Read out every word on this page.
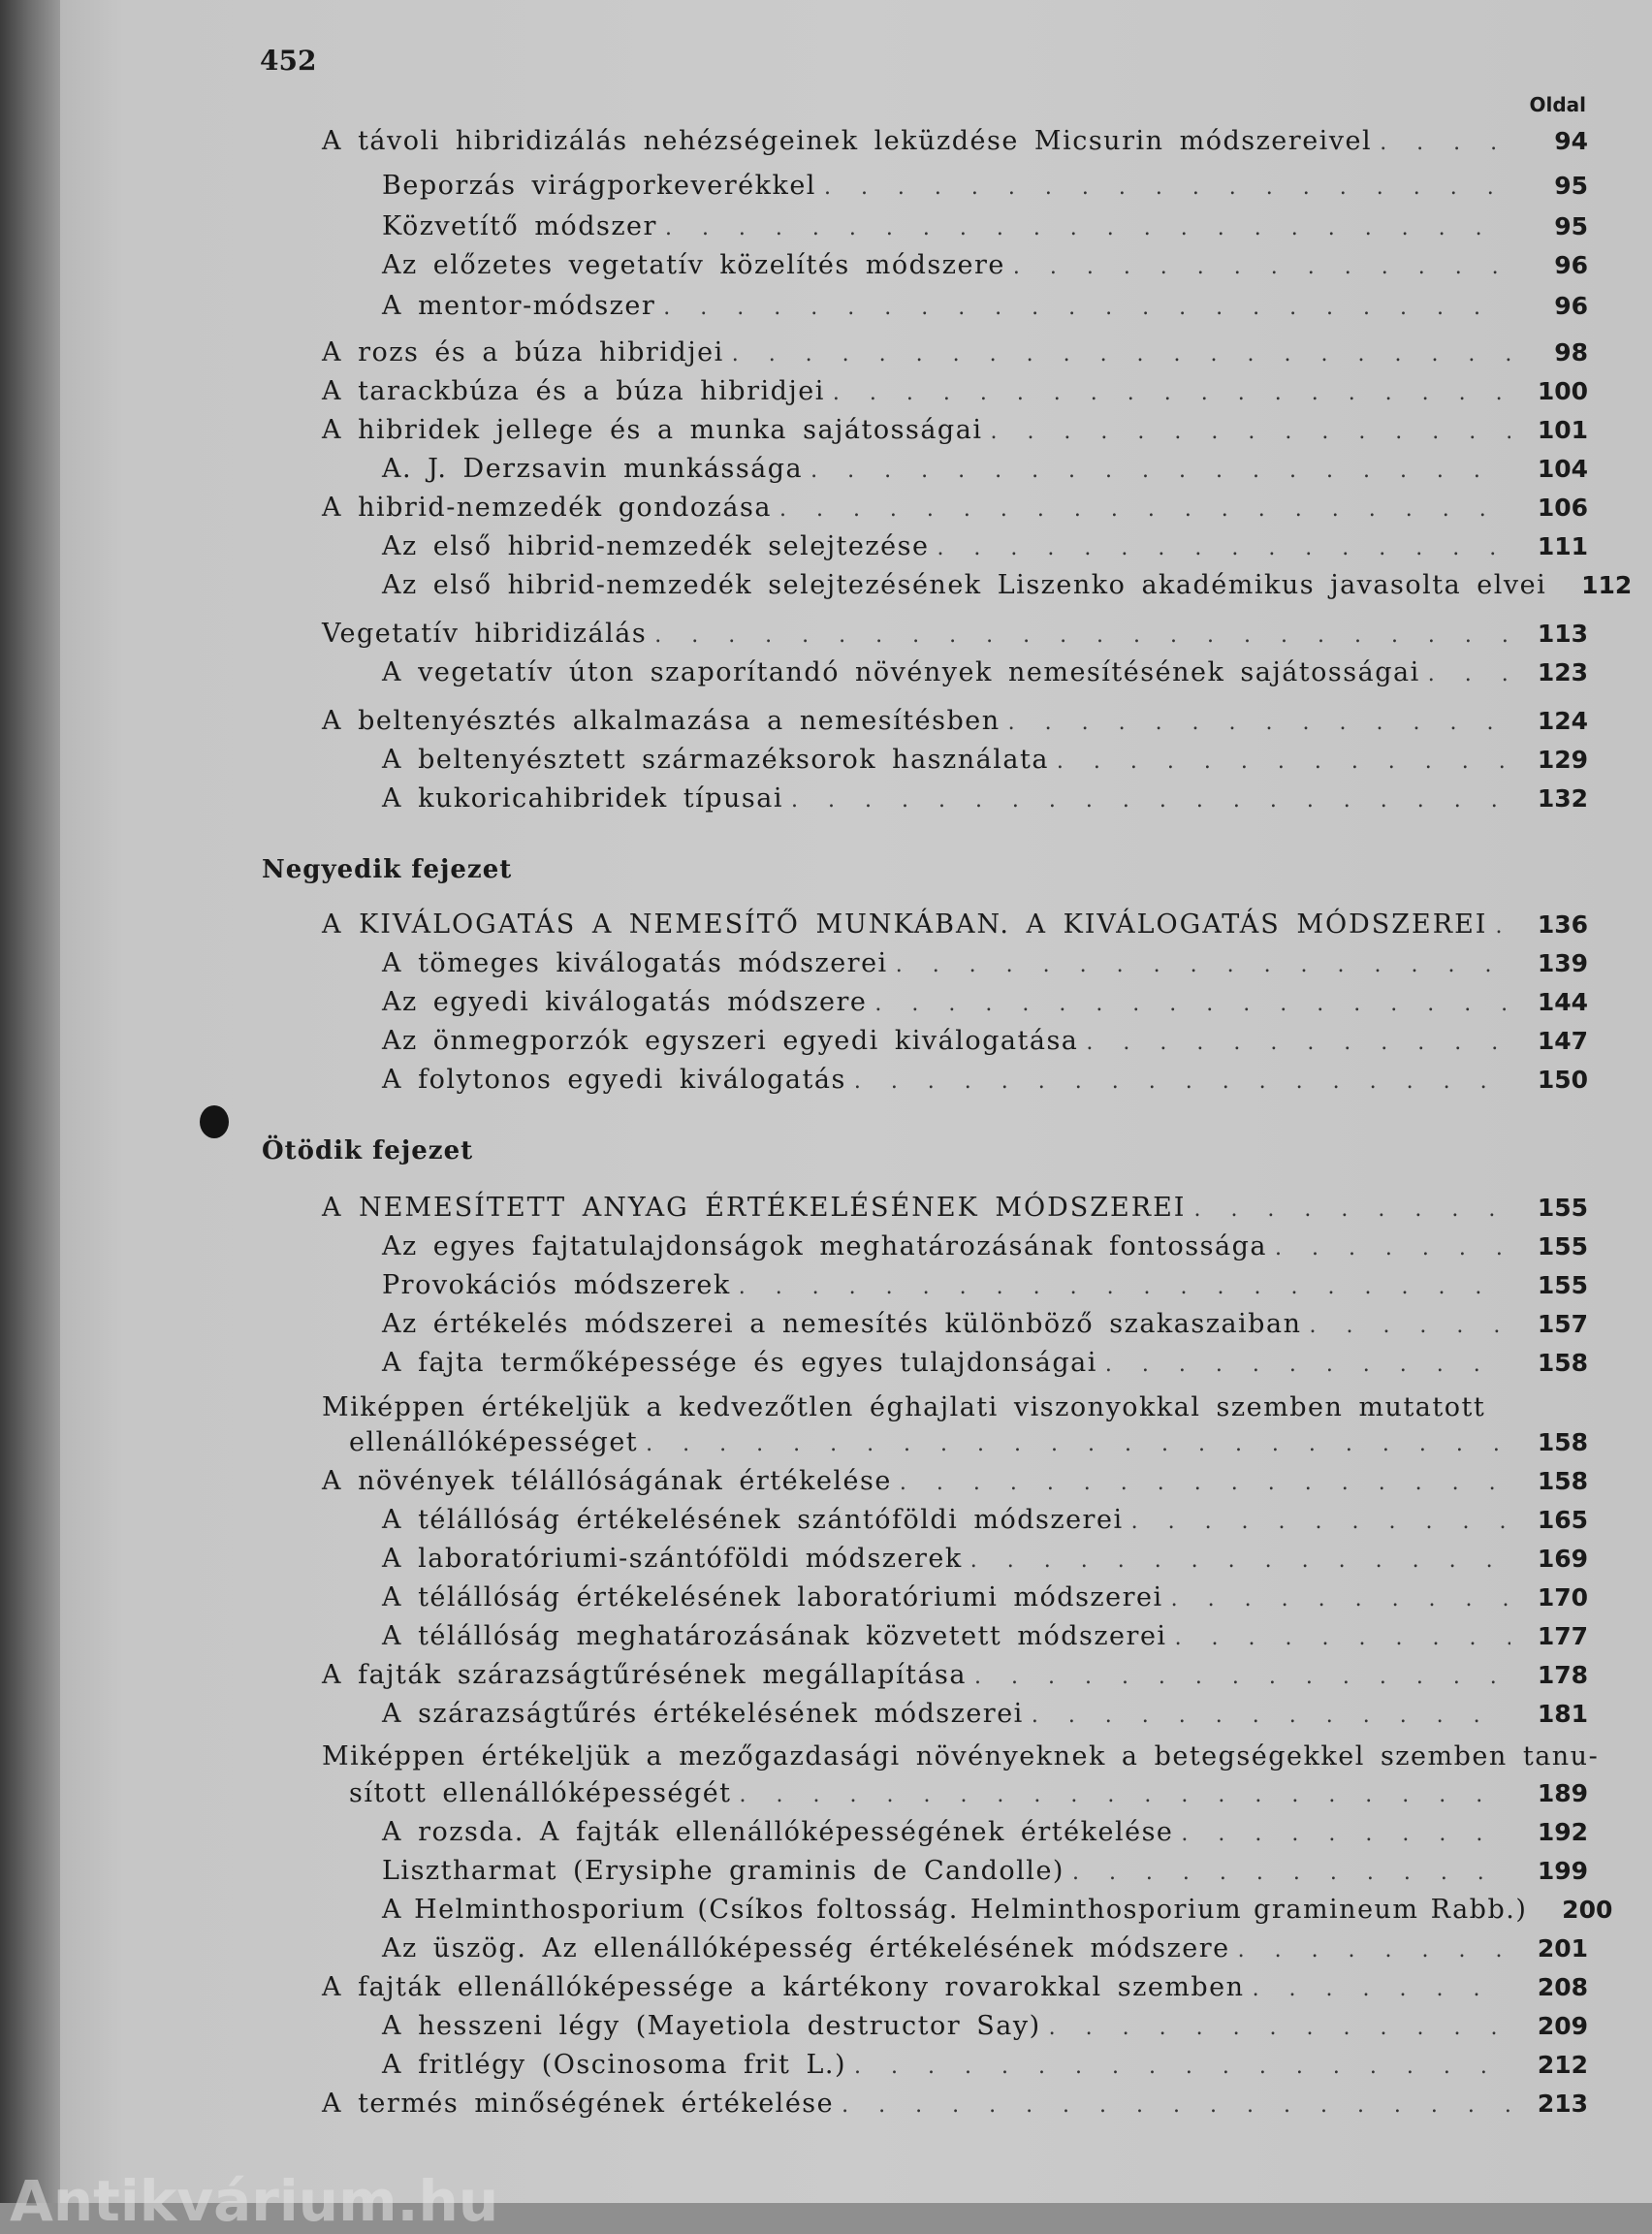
452
Oldal
A távoli hibridizálás nehézségeinek leküzdése Micsurin módszereivel . . .	94
Beporzás virágporkeverékkel . . .	95
Közvetítő módszer . . .	95
Az előzetes vegetatív közelítés módszere . . .	96
A mentor-módszer . . .	96
A rozs és a búza hibridjei . . .	98
A tarackbúza és a búza hibridjei . . .	100
A hibridek jellege és a munka sajátosságai . . .	101
A. J. Derzsavin munkássága . . .	104
A hibrid-nemzedék gondozása . . .	106
Az első hibrid-nemzedék selejtezése . . .	111
Az első hibrid-nemzedék selejtezésének Liszenko akadémikus javasolta elvei	112
Vegetatív hibridizálás . . .	113
A vegetatív úton szaporítandó növények nemesítésének sajátosságai . . .	123
A beltenyésztés alkalmazása a nemesítésben . . .	124
A beltenyésztett származéksorok használata . . .	129
A kukoricahibridek típusai . . .	132
Negyedik fejezet
A KIVÁLOGATÁS A NEMESÍTŐ MUNKÁBAN. A KIVÁLOGATÁS MÓDSZEREI . . .	136
A tömeges kiválogatás módszerei . . .	139
Az egyedi kiválogatás módszere . . .	144
Az önmegporzók egyszeri egyedi kiválogatása . . .	147
A folytonos egyedi kiválogatás . . .	150
Ötödik fejezet
A NEMESÍTETT ANYAG ÉRTÉKELÉSÉNEK MÓDSZEREI . . .	155
Az egyes fajtatulajdonságok meghatározásának fontossága . . .	155
Provokációs módszerek . . .	155
Az értékelés módszerei a nemesítés különböző szakaszaiban . . .	157
A fajta termőképessége és egyes tulajdonságai . . .	158
Miképpen értékeljük a kedvezőtlen éghajlati viszonyokkal szemben mutatott
ellenállóképességet . . .	158
A növények télállóságának értékelése . . .	158
A télállóság értékelésének szántóföldi módszerei . . .	165
A laboratóriumi-szántóföldi módszerek . . .	169
A télállóság értékelésének laboratóriumi módszerei . . .	170
A télállóság meghatározásának közvetett módszerei . . .	177
A fajták szárazságtűrésének megállapítása . . .	178
A szárazságtűrés értékelésének módszerei . . .	181
Miképpen értékeljük a mezőgazdasági növényeknek a betegségekkel szemben tanu-
sított ellenállóképességét . . .	189
A rozsda. A fajták ellenállóképességének értékelése . . .	192
Lisztharmat (Erysiphe graminis de Candolle) . . .	199
A Helminthosporium (Csíkos foltosság. Helminthosporium gramineum Rabb.)	200
Az üszög. Az ellenállóképesség értékelésének módszere . . .	201
A fajták ellenállóképessége a kártékony rovarokkal szemben . . .	208
A hesszeni légy (Mayetiola destructor Say) . . .	209
A fritlégy (Oscinosoma frit L.) . . .	212
A termés minőségének értékelése . . .	213
Antikvárium.hu
